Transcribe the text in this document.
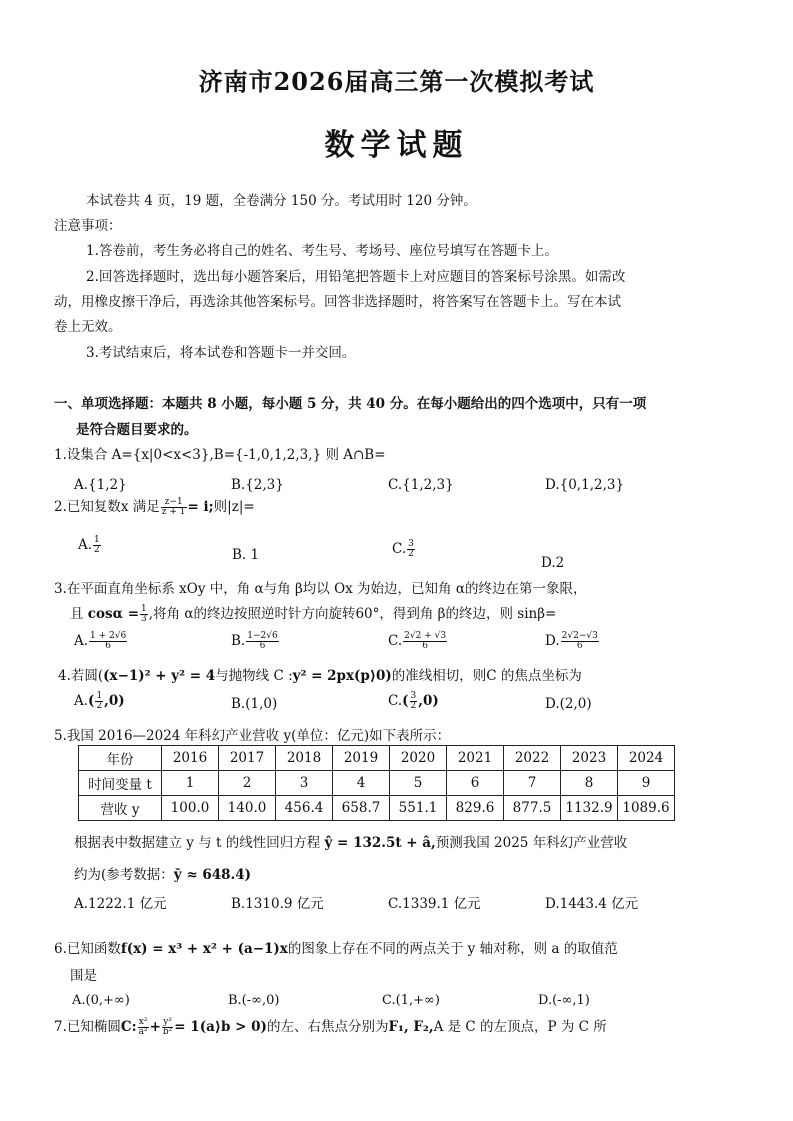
济南市2026届高三第一次模拟考试
数学试题
本试卷共 4 页，19 题，全卷满分 150 分。考试用时 120 分钟。
注意事项：
1.答卷前，考生务必将自己的姓名、考生号、考场号、座位号填写在答题卡上。
2.回答选择题时，选出每小题答案后，用铅笔把答题卡上对应题目的答案标号涂黑。如需改
动，用橡皮擦干净后，再选涂其他答案标号。回答非选择题时，将答案写在答题卡上。写在本试
卷上无效。
3.考试结束后，将本试卷和答题卡一并交回。
一、单项选择题：本题共 8 小题，每小题 5 分，共 40 分。在每小题给出的四个选项中，只有一项
是符合题目要求的。
1.设集合 A={x|0<x<3},B={-1,0,1,2,3,} 则 A∩B=
A.{1,2}	B.{2,3}	C.{1,2,3}	D.{0,1,2,3}
2.已知复数x 满足 $\frac{z-1}{z + 1} = i$;则|z|=
A. $\frac{1}{2}$	B. 1	C. $\frac{3}{2}$
D.2
3.在平面直角坐标系 xOy 中，角 α与角 β均以 Ox 为始边，已知角 α的终边在第一象限，
且 $\cos\alpha = \frac{1}{3}$ ,将角 α的终边按照逆时针方向旋转60°，得到角 β的终边，则 sinβ=
A. $\frac{1 + 2√6}{6}$	B. $\frac{1-2√6}{6}$	C. $\frac{2√2 + √3}{6}$	D. $\frac{2√2-√3}{6}$
4.若圆((x−1)² + y² = 4与抛物线 C :y² = 2px(p⟩0)的准线相切，则C 的焦点坐标为
$A.( \frac{1}{2} ,0)$	B.(1,0)	$C.( \frac{3}{2} ,0)$	D.(2,0)
5.我国 2016—2024 年科幻产业营收 y(单位：亿元)如下表所示：
年份	2016	2017	2018	2019	2020	2021	2022	2023	2024
时间变量 t	1	2	3	4	5	6	7	8	9
营收 y	100.0	140.0	456.4	658.7	551.1	829.6	877.5	1132.9	1089.6
根据表中数据建立 y 与 t 的线性回归方程 ŷ = 132.5t + â,预测我国 2025 年科幻产业营收
约为(参考数据：ȳ ≈ 648.4)
A.1222.1 亿元	B.1310.9 亿元	C.1339.1 亿元	D.1443.4 亿元
6.已知函数f(x) = x³ + x² + (a−1)x的图象上存在不同的两点关于 y 轴对称，则 a 的取值范
围是
A.(0,+∞)	B.(-∞,0)	C.(1,+∞)	D.(-∞,1)
7.已知椭圆C: $\frac{\text{x²}}{\text{a²}} + \frac{\text{y²}}{\text{b²}}$ = 1(a⟩b > 0)的左、右焦点分别为F₁, F₂,A 是 C 的左顶点，P 为 C 所
